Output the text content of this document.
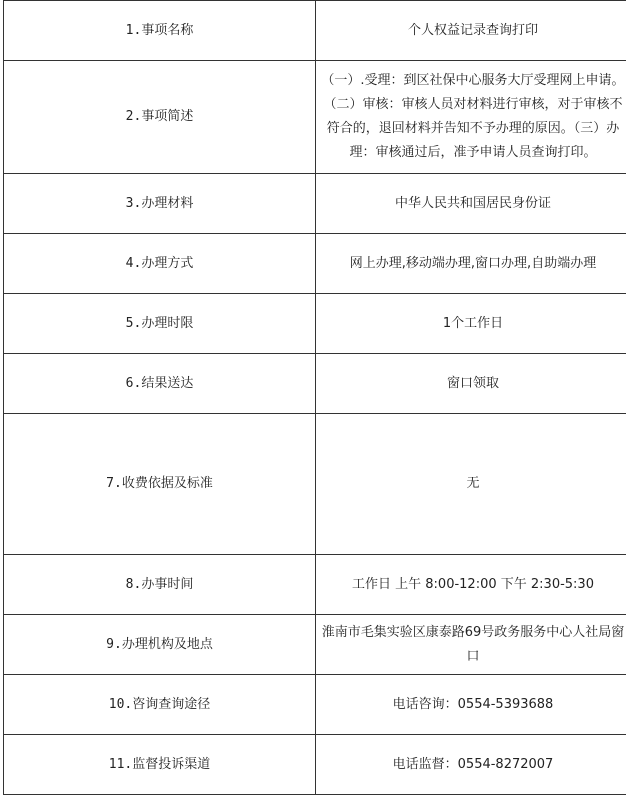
1.事项名称	个人权益记录查询打印
2.事项简述	（一）.受理：到区社保中心服务大厅受理网上申请。（二）审核：审核人员对材料进行审核，对于审核不符合的，退回材料并告知不予办理的原因。（三）办理：审核通过后，准予申请人员查询打印。
3.办理材料	中华人民共和国居民身份证
4.办理方式	网上办理,移动端办理,窗口办理,自助端办理
5.办理时限	1个工作日
6.结果送达	窗口领取
7.收费依据及标准	无
8.办事时间	工作日 上午 8:00-12:00 下午 2:30-5:30
9.办理机构及地点	淮南市毛集实验区康泰路69号政务服务中心人社局窗口
10.咨询查询途径	电话咨询：0554-5393688
11.监督投诉渠道	电话监督：0554-8272007
